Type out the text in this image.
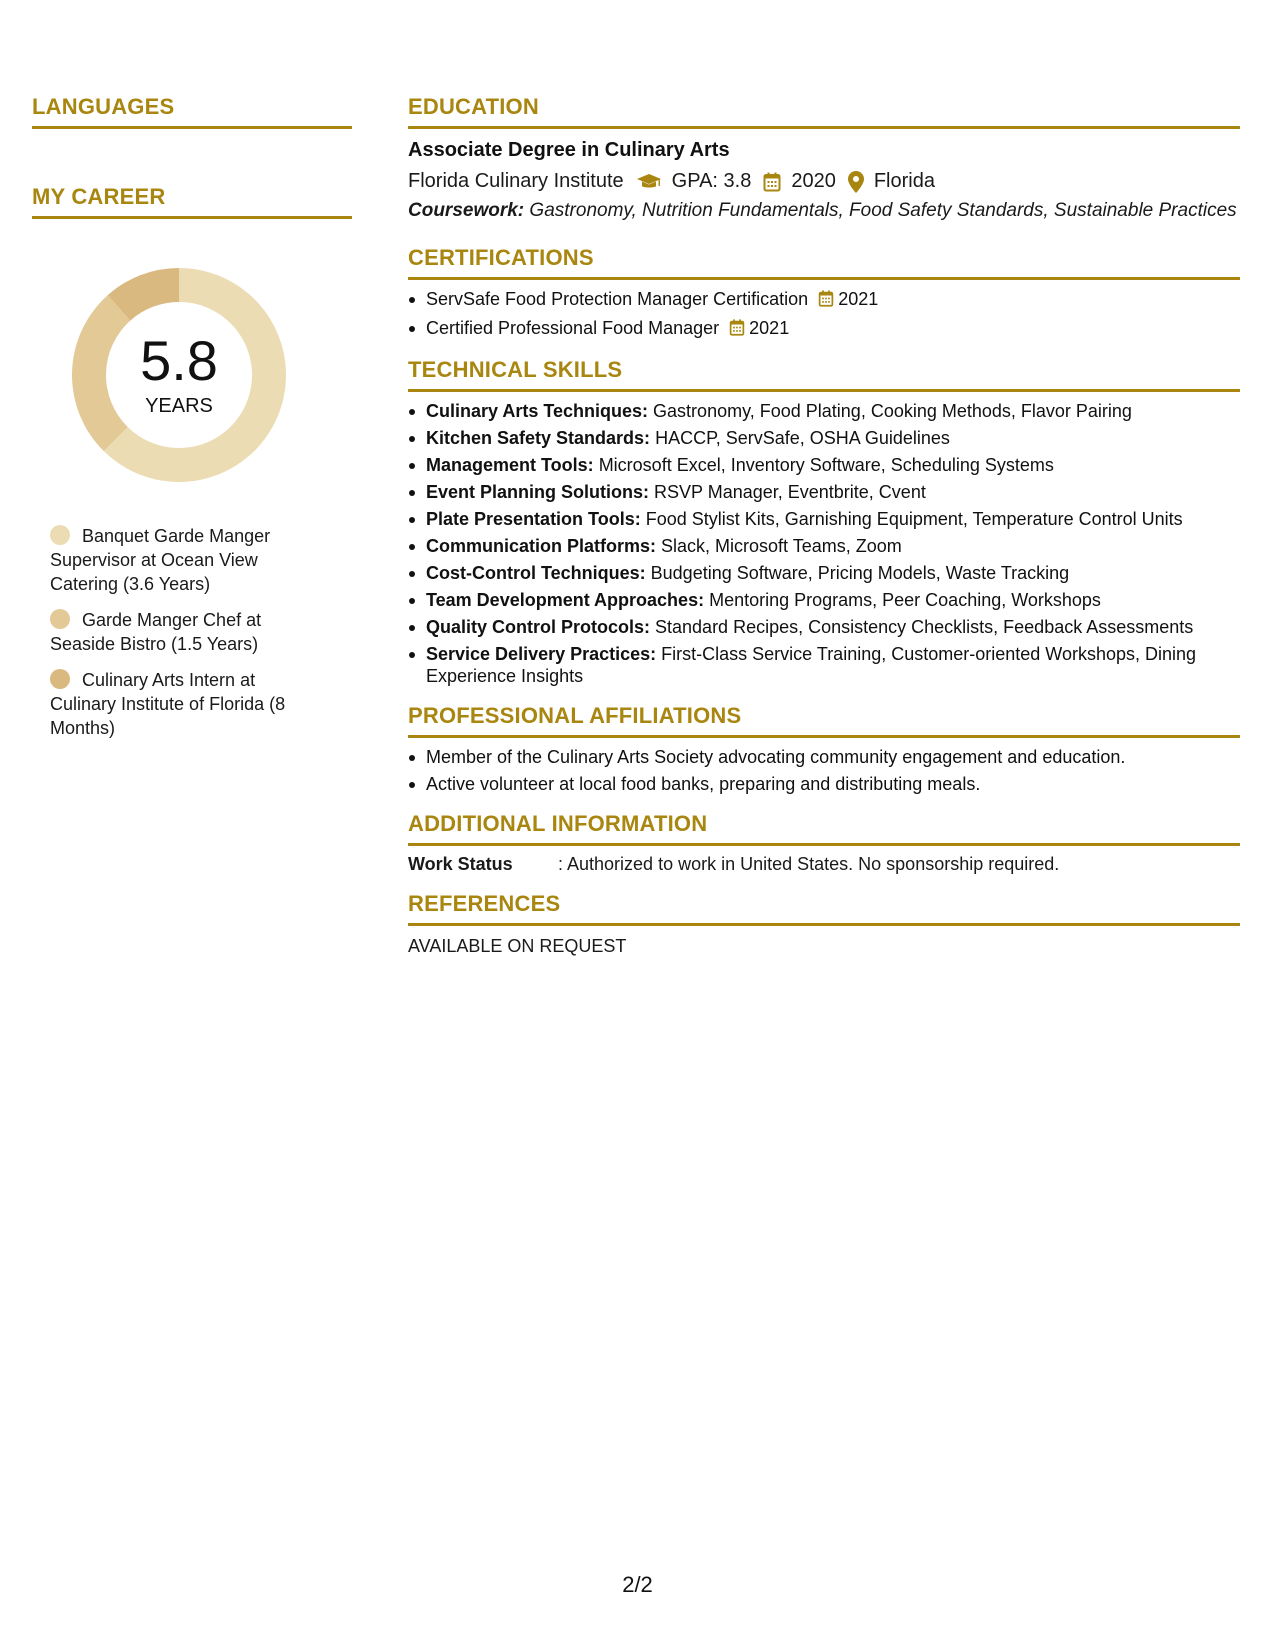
LANGUAGES
MY CAREER
5.8
YEARS
Banquet Garde Manger Supervisor at Ocean View Catering (3.6 Years)
Garde Manger Chef at Seaside Bistro (1.5 Years)
Culinary Arts Intern at Culinary Institute of Florida (8 Months)
EDUCATION
Associate Degree in Culinary Arts
Florida Culinary Institute GPA: 3.8 2020 Florida
Coursework: Gastronomy, Nutrition Fundamentals, Food Safety Standards, Sustainable Practices
CERTIFICATIONS
ServSafe Food Protection Manager Certification 2021
Certified Professional Food Manager 2021
TECHNICAL SKILLS
Culinary Arts Techniques: Gastronomy, Food Plating, Cooking Methods, Flavor Pairing
Kitchen Safety Standards: HACCP, ServSafe, OSHA Guidelines
Management Tools: Microsoft Excel, Inventory Software, Scheduling Systems
Event Planning Solutions: RSVP Manager, Eventbrite, Cvent
Plate Presentation Tools: Food Stylist Kits, Garnishing Equipment, Temperature Control Units
Communication Platforms: Slack, Microsoft Teams, Zoom
Cost-Control Techniques: Budgeting Software, Pricing Models, Waste Tracking
Team Development Approaches: Mentoring Programs, Peer Coaching, Workshops
Quality Control Protocols: Standard Recipes, Consistency Checklists, Feedback Assessments
Service Delivery Practices: First-Class Service Training, Customer-oriented Workshops, Dining Experience Insights
PROFESSIONAL AFFILIATIONS
Member of the Culinary Arts Society advocating community engagement and education.
Active volunteer at local food banks, preparing and distributing meals.
ADDITIONAL INFORMATION
Work Status	: Authorized to work in United States. No sponsorship required.
REFERENCES
AVAILABLE ON REQUEST
2/2
